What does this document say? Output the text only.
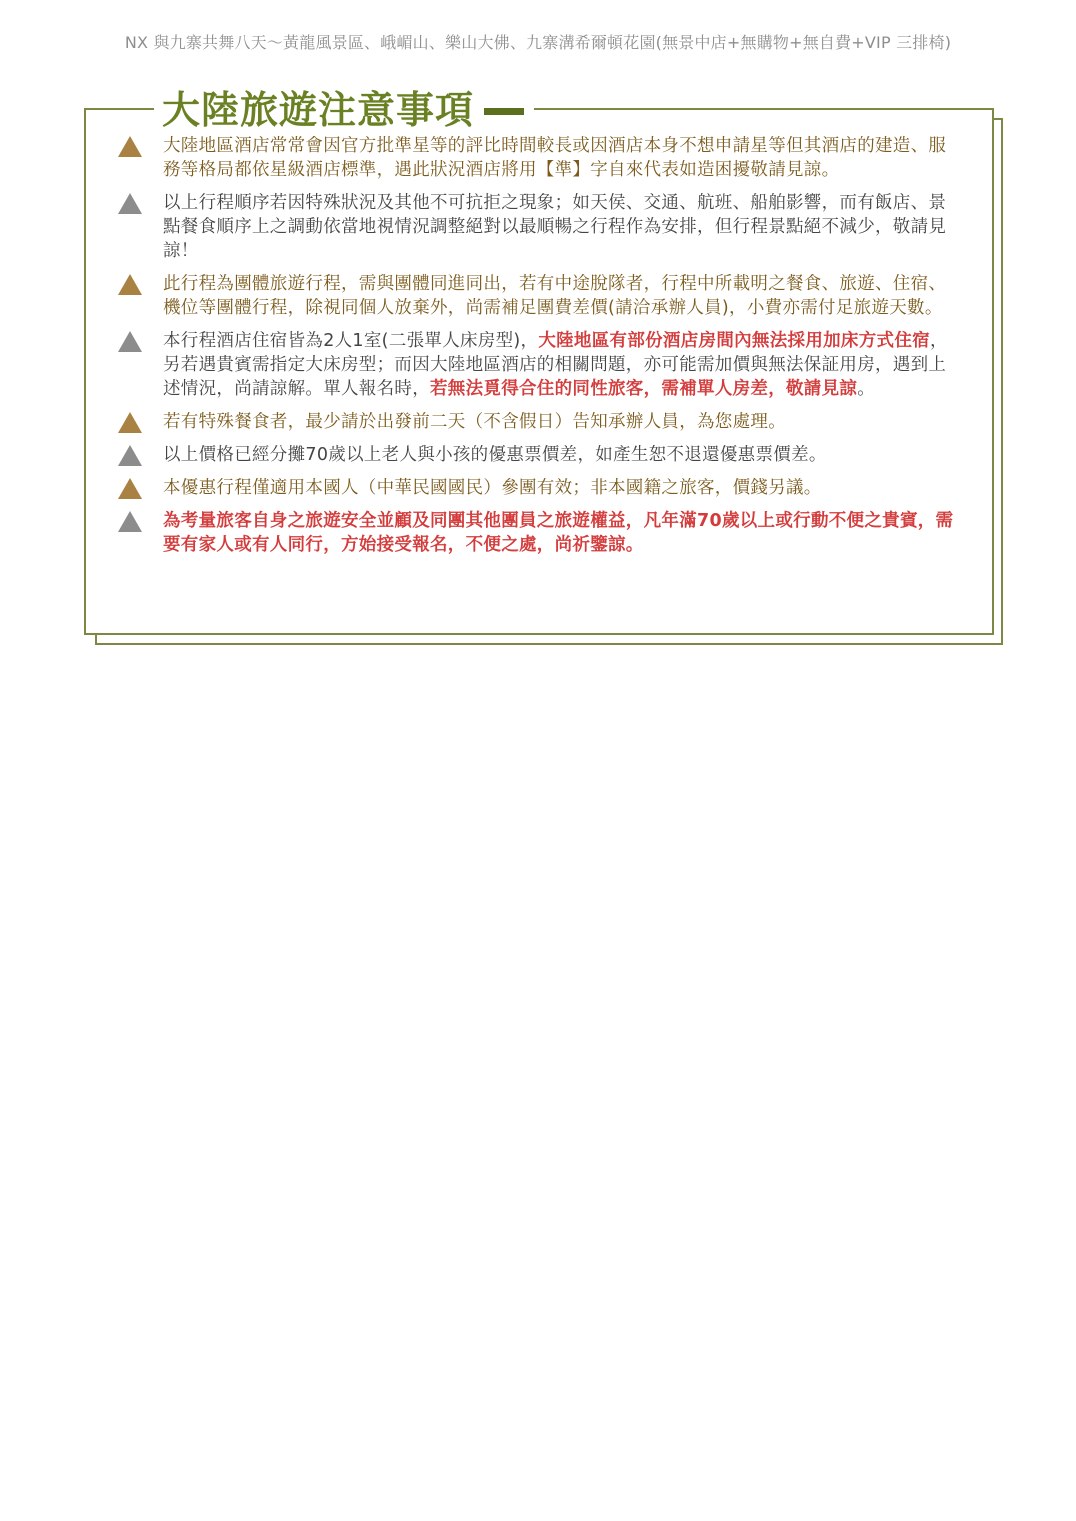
NX 與九寨共舞八天～黃龍風景區、峨嵋山、樂山大佛、九寨溝希爾頓花園(無景中店+無購物+無自費+VIP 三排椅)
大陸旅遊注意事項
大陸地區酒店常常會因官方批準星等的評比時間較長或因酒店本身不想申請星等但其酒店的建造、服務等格局都依星級酒店標準，遇此狀況酒店將用【準】字自來代表如造困擾敬請見諒。
以上行程順序若因特殊狀況及其他不可抗拒之現象；如天侯、交通、航班、船舶影響，而有飯店、景點餐食順序上之調動依當地視情況調整絕對以最順暢之行程作為安排，但行程景點絕不減少，敬請見諒！
此行程為團體旅遊行程，需與團體同進同出，若有中途脫隊者，行程中所載明之餐食、旅遊、住宿、機位等團體行程，除視同個人放棄外，尚需補足團費差價(請洽承辦人員)，小費亦需付足旅遊天數。
本行程酒店住宿皆為2人1室(二張單人床房型)，大陸地區有部份酒店房間內無法採用加床方式住宿，另若遇貴賓需指定大床房型；而因大陸地區酒店的相關問題，亦可能需加價與無法保証用房，遇到上述情況，尚請諒解。單人報名時，若無法覓得合住的同性旅客，需補單人房差，敬請見諒。
若有特殊餐食者，最少請於出發前二天（不含假日）告知承辦人員，為您處理。
以上價格已經分攤70歲以上老人與小孩的優惠票價差，如產生恕不退還優惠票價差。
本優惠行程僅適用本國人（中華民國國民）參團有效；非本國籍之旅客，價錢另議。
為考量旅客自身之旅遊安全並顧及同團其他團員之旅遊權益，凡年滿70歲以上或行動不便之貴賓，需要有家人或有人同行，方始接受報名，不便之處，尚祈鑒諒。
